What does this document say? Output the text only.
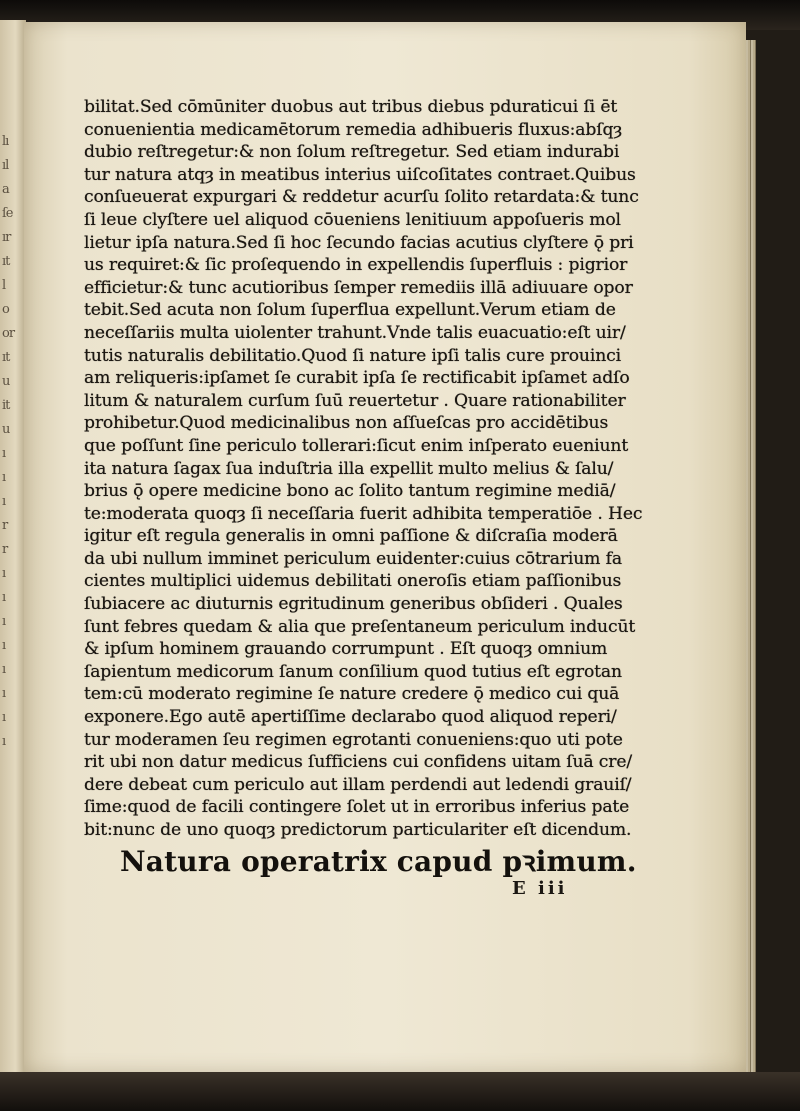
lı
ıl
a
ſe
ır
ıt
l
o
or
ıt
u
it
u
ı
ı
ı
r
r
ı
ı
ı
ı
ı
ı
ı
ı
bilitat.Sed cōmūniter duobus aut tribus diebus pduraticui ſi ēt
conuenientia medicamētorum remedia adhibueris fluxus:abſqȝ
dubio reſtregetur:& non ſolum reſtregetur. Sed etiam indurabi
tur natura atqȝ in meatibus interius uiſcoſitates contraet.Quibus
conſueuerat expurgari & reddetur acurſu ſolito retardata:& tunc
ſi leue clyſtere uel aliquod cōueniens lenitiuum appoſueris mol
lietur ipſa natura.Sed ſi hoc ſecundo facias acutius clyſtere ǭ pri
us requiret:& ſic proſequendo in expellendis ſuperfluis : pigrior
efficietur:& tunc acutioribus ſemper remediis illā adiuuare opor
tebit.Sed acuta non ſolum ſuperflua expellunt.Verum etiam de
neceſſariis multa uiolenter trahunt.Vnde talis euacuatio:eſt uir/
tutis naturalis debilitatio.Quod ſi nature ipſi talis cure prouinci
am reliqueris:ipſamet ſe curabit ipſa ſe rectificabit ipſamet adſo
litum & naturalem curſum ſuū reuertetur . Quare rationabiliter
prohibetur.Quod medicinalibus non aſſueſcas pro accidētibus
que poſſunt ſine periculo tollerari:ſicut enim inſperato eueniunt
ita natura ſagax ſua induſtria illa expellit multo melius & ſalu/
brius ǭ opere medicine bono ac ſolito tantum regimine mediā/
te:moderata quoqȝ ſi neceſſaria fuerit adhibita temperatiōe . Hec
igitur eſt regula generalis in omni paſſione & diſcraſia moderā
da ubi nullum imminet periculum euidenter:cuius cōtrarium fa
cientes multiplici uidemus debilitati oneroſis etiam paſſionibus
ſubiacere ac diuturnis egritudinum generibus obſideri . Quales
ſunt febres quedam & alia que preſentaneum periculum inducūt
& ipſum hominem grauando corrumpunt . Eſt quoqȝ omnium
ſapientum medicorum ſanum conſilium quod tutius eſt egrotan
tem:cū moderato regimine ſe nature credere ǭ medico cui quā
exponere.Ego autē apertiſſime declarabo quod aliquod reperi/
tur moderamen ſeu regimen egrotanti conueniens:quo uti pote
rit ubi non datur medicus ſufficiens cui confidens uitam ſuā cre/
dere debeat cum periculo aut illam perdendi aut ledendi grauiſ/
ſime:quod de facili contingere ſolet ut in erroribus inferius pate
bit:nunc de uno quoqȝ predictorum particulariter eſt dicendum.
Natura operatrix capud pꝛimum.
E iii
